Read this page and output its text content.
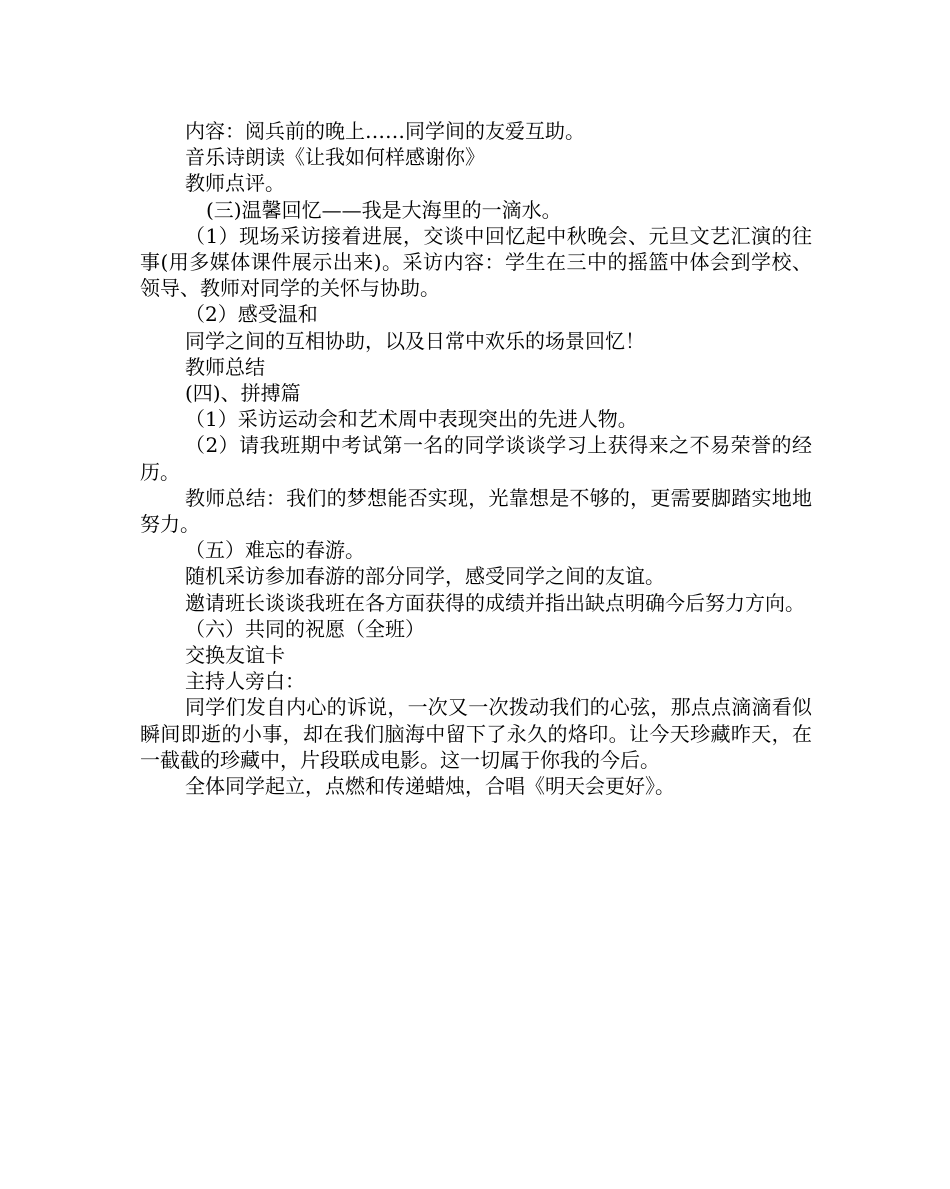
内容：阅兵前的晚上……同学间的友爱互助。

音乐诗朗读《让我如何样感谢你》

教师点评。

(三)温馨回忆——我是大海里的一滴水。

（1）现场采访接着进展，交谈中回忆起中秋晚会、元旦文艺汇演的往事(用多媒体课件展示出来)。采访内容：学生在三中的摇篮中体会到学校、领导、教师对同学的关怀与协助。

（2）感受温和

同学之间的互相协助，以及日常中欢乐的场景回忆！

教师总结

(四)、拼搏篇

（1）采访运动会和艺术周中表现突出的先进人物。

（2）请我班期中考试第一名的同学谈谈学习上获得来之不易荣誉的经历。

教师总结：我们的梦想能否实现，光靠想是不够的，更需要脚踏实地地努力。

（五）难忘的春游。

随机采访参加春游的部分同学，感受同学之间的友谊。

邀请班长谈谈我班在各方面获得的成绩并指出缺点明确今后努力方向。

（六）共同的祝愿（全班）

交换友谊卡

主持人旁白：

同学们发自内心的诉说，一次又一次拨动我们的心弦，那点点滴滴看似瞬间即逝的小事，却在我们脑海中留下了永久的烙印。让今天珍藏昨天，在一截截的珍藏中，片段联成电影。这一切属于你我的今后。

全体同学起立，点燃和传递蜡烛，合唱《明天会更好》。
